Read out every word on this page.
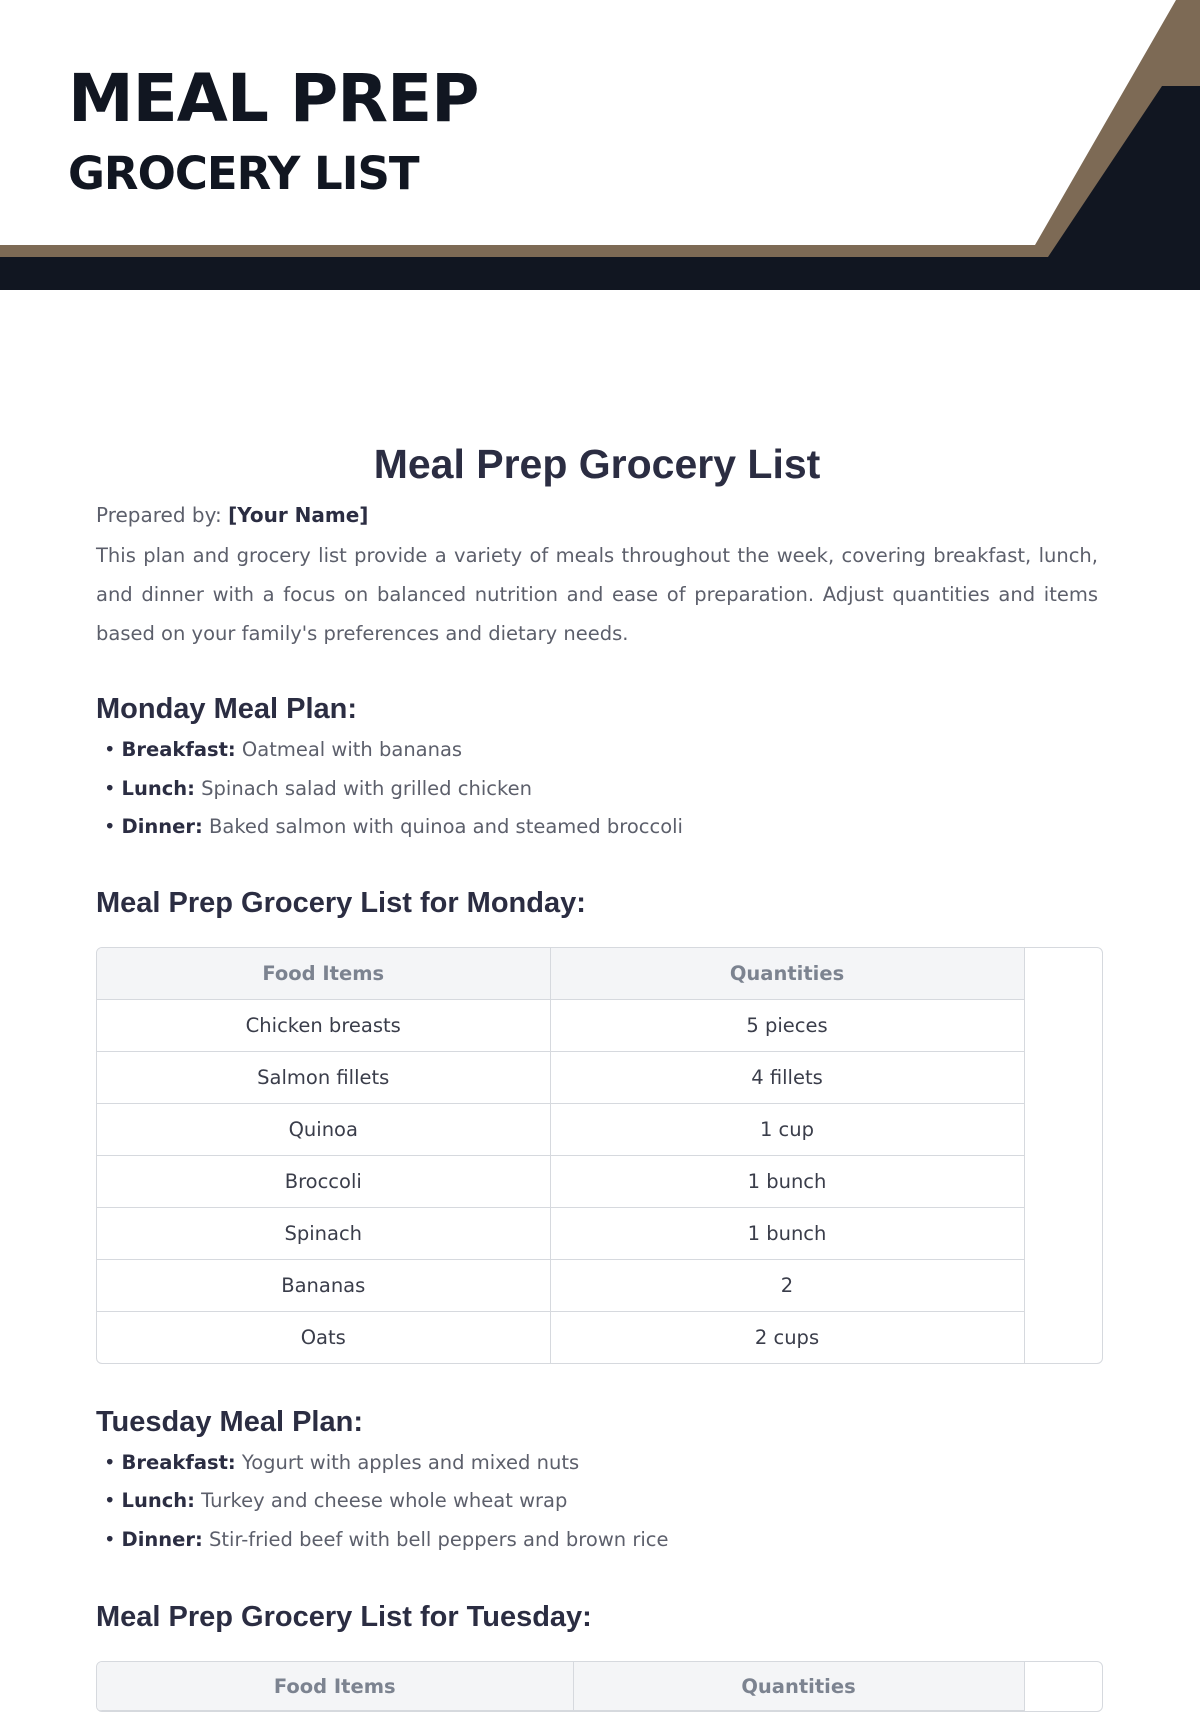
MEAL PREP
GROCERY LIST
Meal Prep Grocery List

Prepared by: [Your Name]

This plan and grocery list provide a variety of meals throughout the week, covering breakfast, lunch, and dinner with a focus on balanced nutrition and ease of preparation. Adjust quantities and items based on your family's preferences and dietary needs.

Monday Meal Plan:
• Breakfast: Oatmeal with bananas
• Lunch: Spinach salad with grilled chicken
• Dinner: Baked salmon with quinoa and steamed broccoli
Meal Prep Grocery List for Monday:
Food Items	Quantities
Chicken breasts	5 pieces
Salmon fillets	4 fillets
Quinoa	1 cup
Broccoli	1 bunch
Spinach	1 bunch
Bananas	2
Oats	2 cups
Tuesday Meal Plan:
• Breakfast: Yogurt with apples and mixed nuts
• Lunch: Turkey and cheese whole wheat wrap
• Dinner: Stir-fried beef with bell peppers and brown rice
Meal Prep Grocery List for Tuesday:
Food Items	Quantities
